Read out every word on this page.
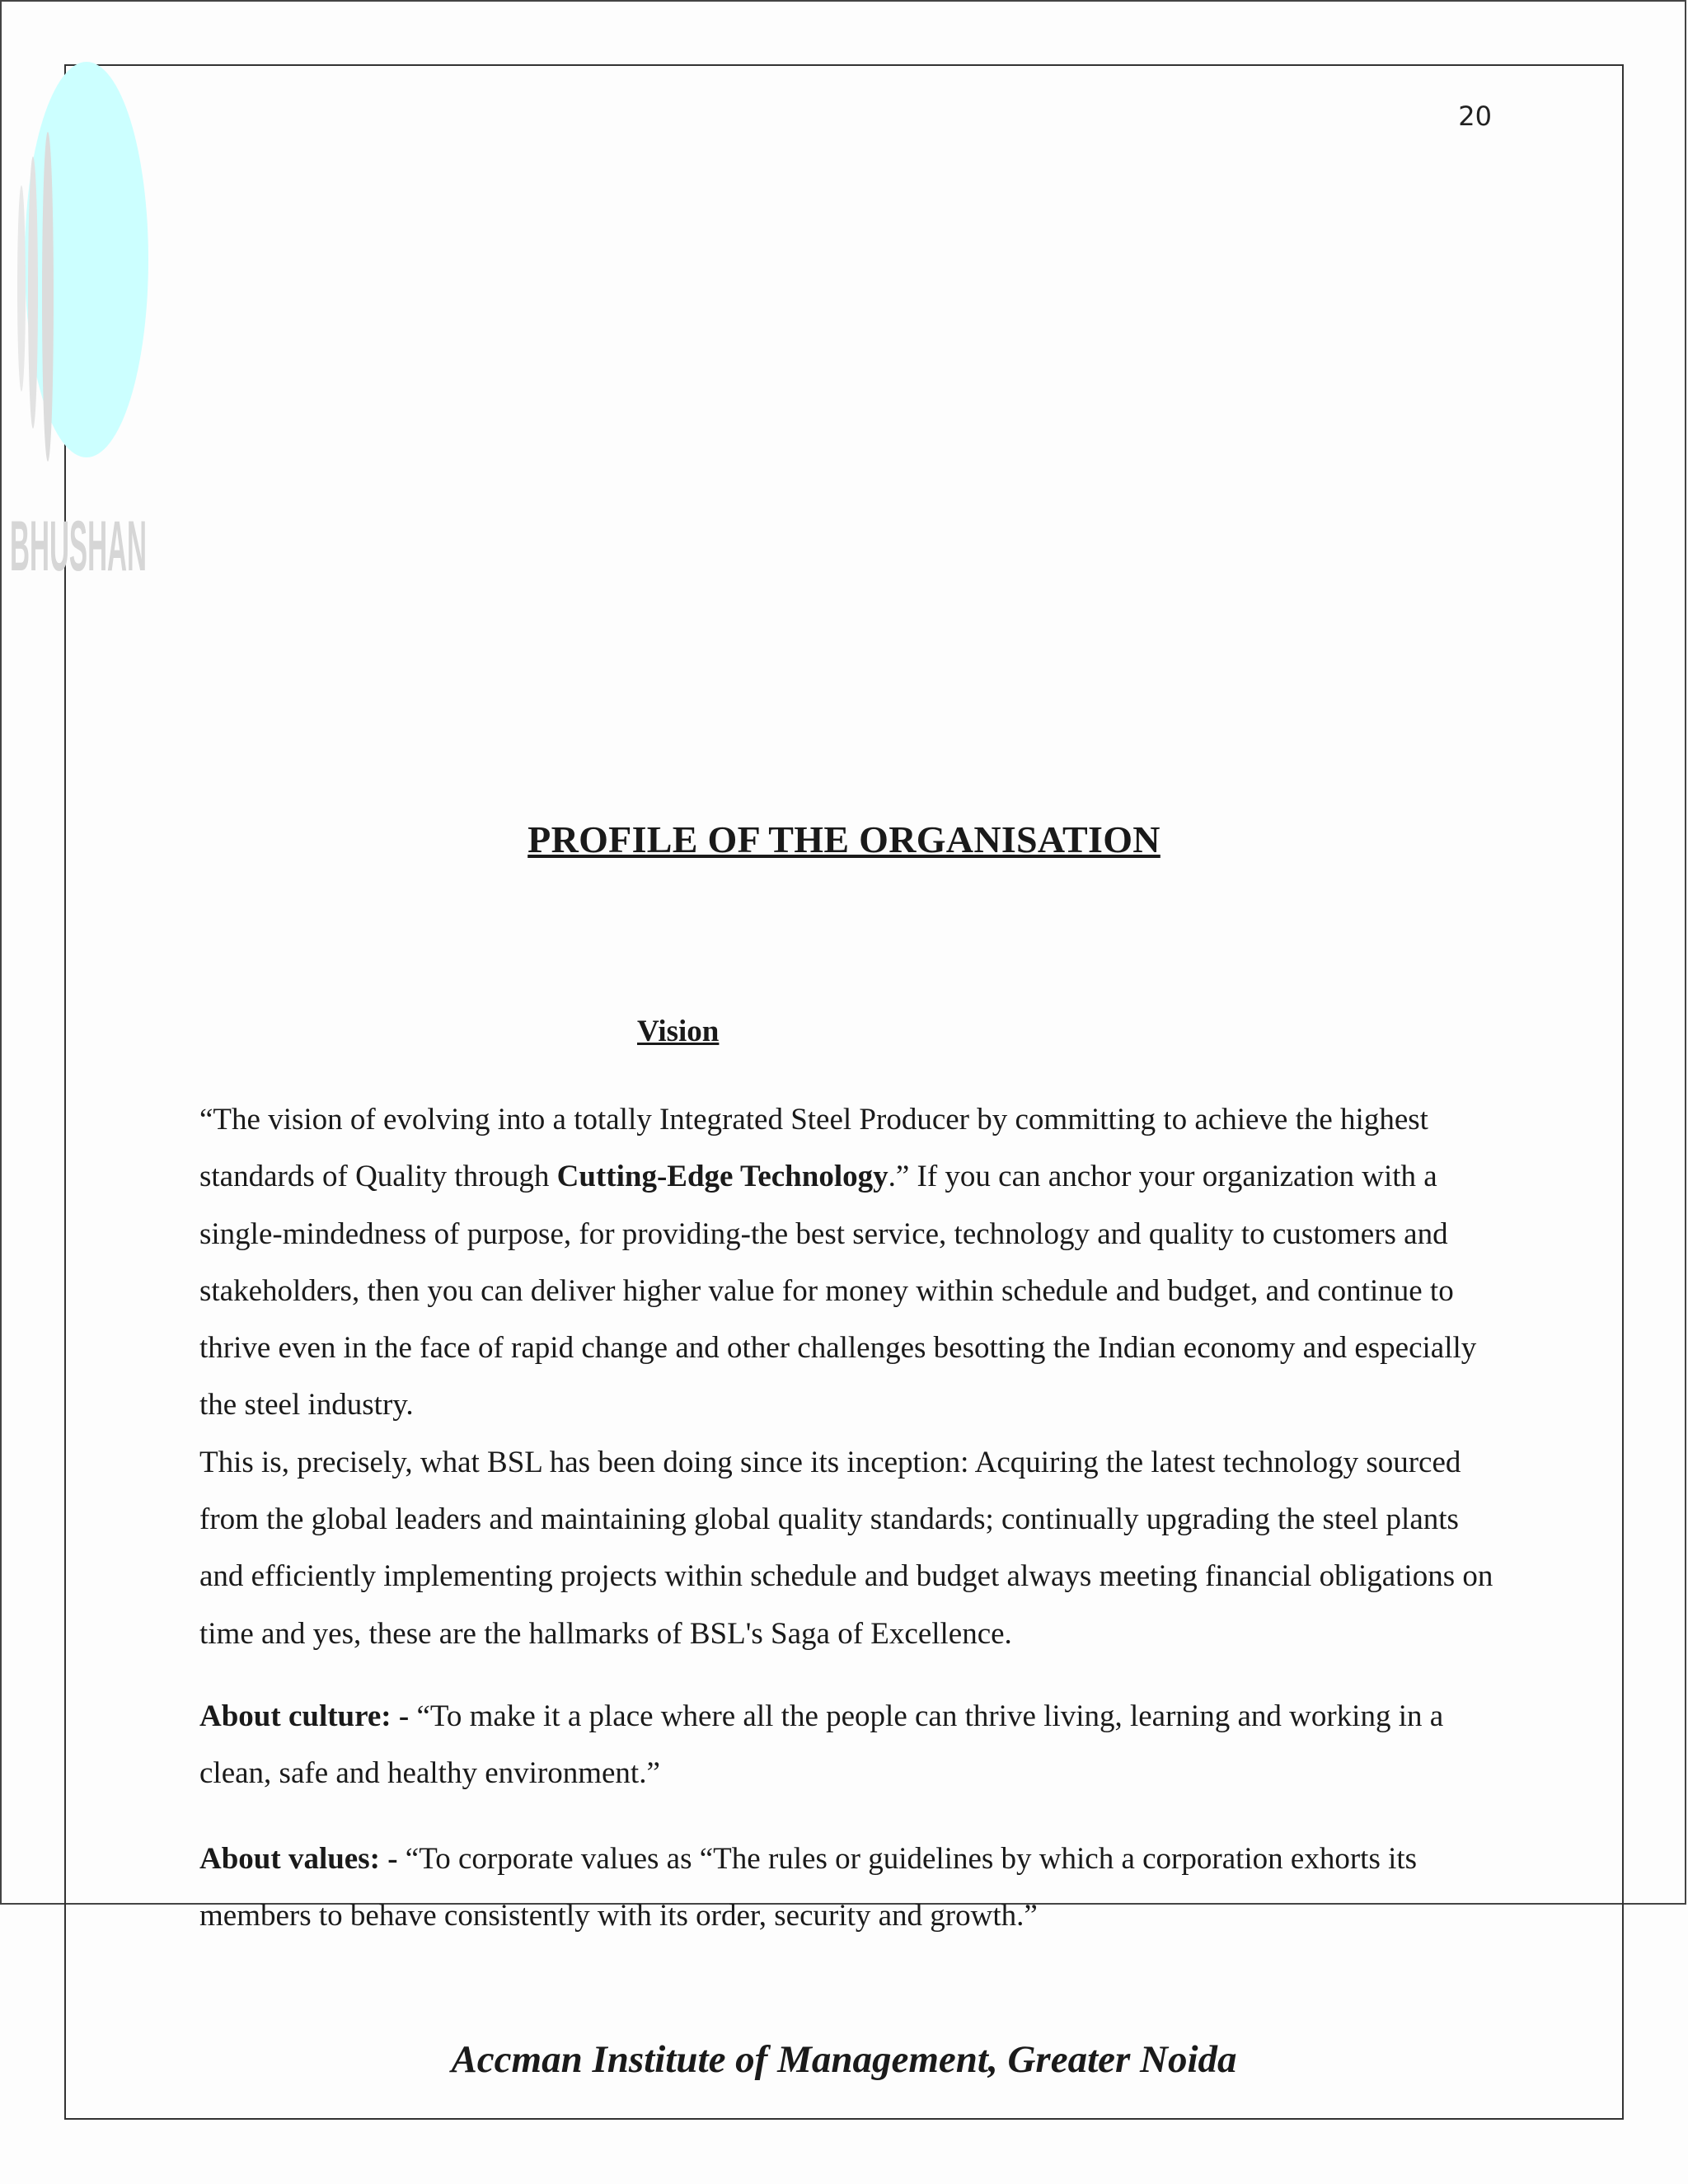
BHUSHAN
20
PROFILE OF THE ORGANISATION
Vision

“The vision of evolving into a totally Integrated Steel Producer by committing to achieve the highest standards of Quality through Cutting-Edge Technology.” If you can anchor your organization with a single-mindedness of purpose, for providing-the best service, technology and quality to customers and stakeholders, then you can deliver higher value for money within schedule and budget, and continue to thrive even in the face of rapid change and other challenges besotting the Indian economy and especially the steel industry.

This is, precisely, what BSL has been doing since its inception: Acquiring the latest technology sourced from the global leaders and maintaining global quality standards; continually upgrading the steel plants and efficiently implementing projects within schedule and budget always meeting financial obligations on time and yes, these are the hallmarks of BSL's Saga of Excellence.

About culture: - “To make it a place where all the people can thrive living, learning and working in a clean, safe and healthy environment.”

About values: - “To corporate values as “The rules or guidelines by which a corporation exhorts its members to behave consistently with its order, security and growth.”

Accman Institute of Management, Greater Noida
